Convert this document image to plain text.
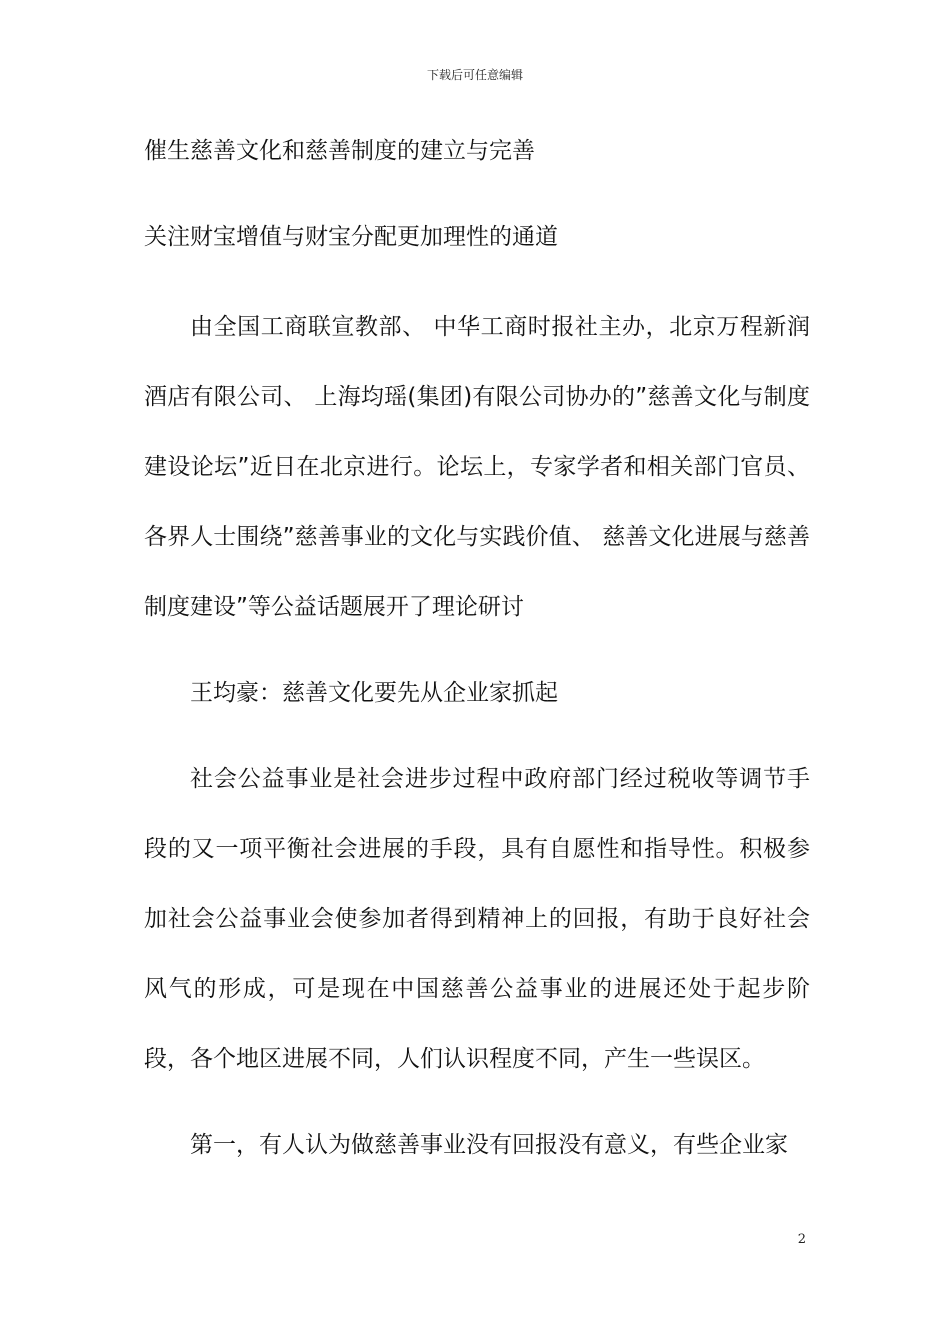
下载后可任意编辑
催生慈善文化和慈善制度的建立与完善
关注财宝增值与财宝分配更加理性的通道

由全国工商联宣教部、 中华工商时报社主办，北京万程新润酒店有限公司、 上海均瑶(集团)有限公司协办的”慈善文化与制度建设论坛”近日在北京进行。论坛上，专家学者和相关部门官员、 各界人士围绕”慈善事业的文化与实践价值、 慈善文化进展与慈善制度建设”等公益话题展开了理论研讨

王均豪：慈善文化要先从企业家抓起

社会公益事业是社会进步过程中政府部门经过税收等调节手段的又一项平衡社会进展的手段，具有自愿性和指导性。积极参加社会公益事业会使参加者得到精神上的回报，有助于良好社会风气的形成，可是现在中国慈善公益事业的进展还处于起步阶段，各个地区进展不同，人们认识程度不同，产生一些误区。

第一，有人认为做慈善事业没有回报没有意义，有些企业家

2
